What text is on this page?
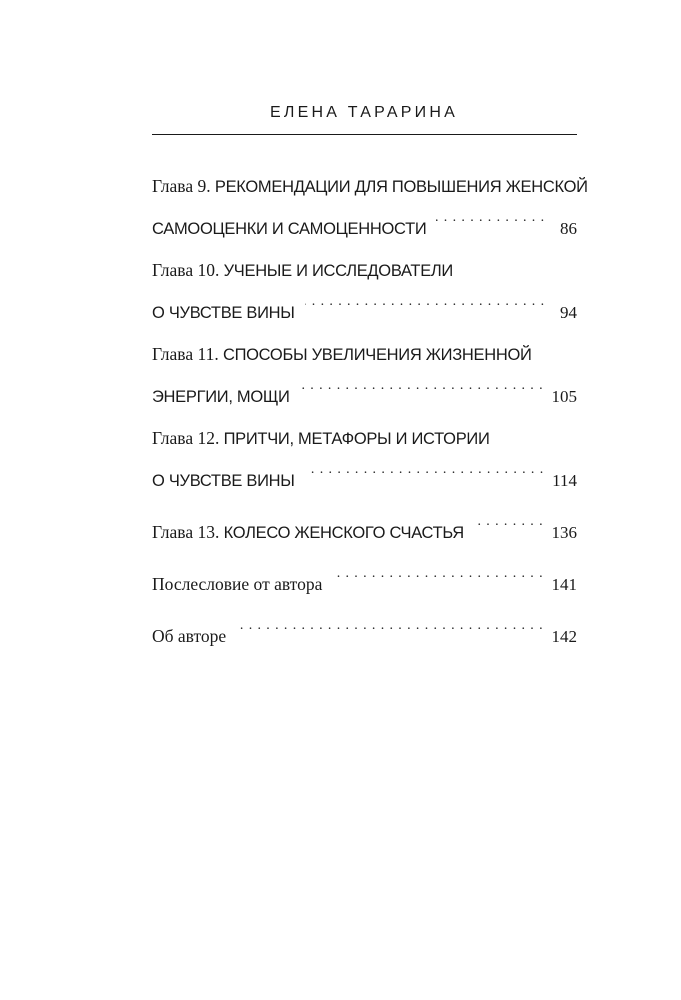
ЕЛЕНА ТАРАРИНА
Глава 9.
РЕКОМЕНДАЦИИ ДЛЯ ПОВЫШЕНИЯ ЖЕНСКОЙ
САМООЦЕНКИ И САМОЦЕННОСТИ . . .	86
Глава 10.
УЧЕНЫЕ И ИССЛЕДОВАТЕЛИ
О ЧУВСТВЕ ВИНЫ . . .	94
Глава 11.
СПОСОБЫ УВЕЛИЧЕНИЯ ЖИЗНЕННОЙ
ЭНЕРГИИ, МОЩИ . . .	105
Глава 12.
ПРИТЧИ, МЕТАФОРЫ И ИСТОРИИ
О ЧУВСТВЕ ВИНЫ . . .	114
Глава 13.
КОЛЕСО ЖЕНСКОГО СЧАСТЬЯ . . .	136
Послесловие от автора . . .	141
Об авторе . . .	142
